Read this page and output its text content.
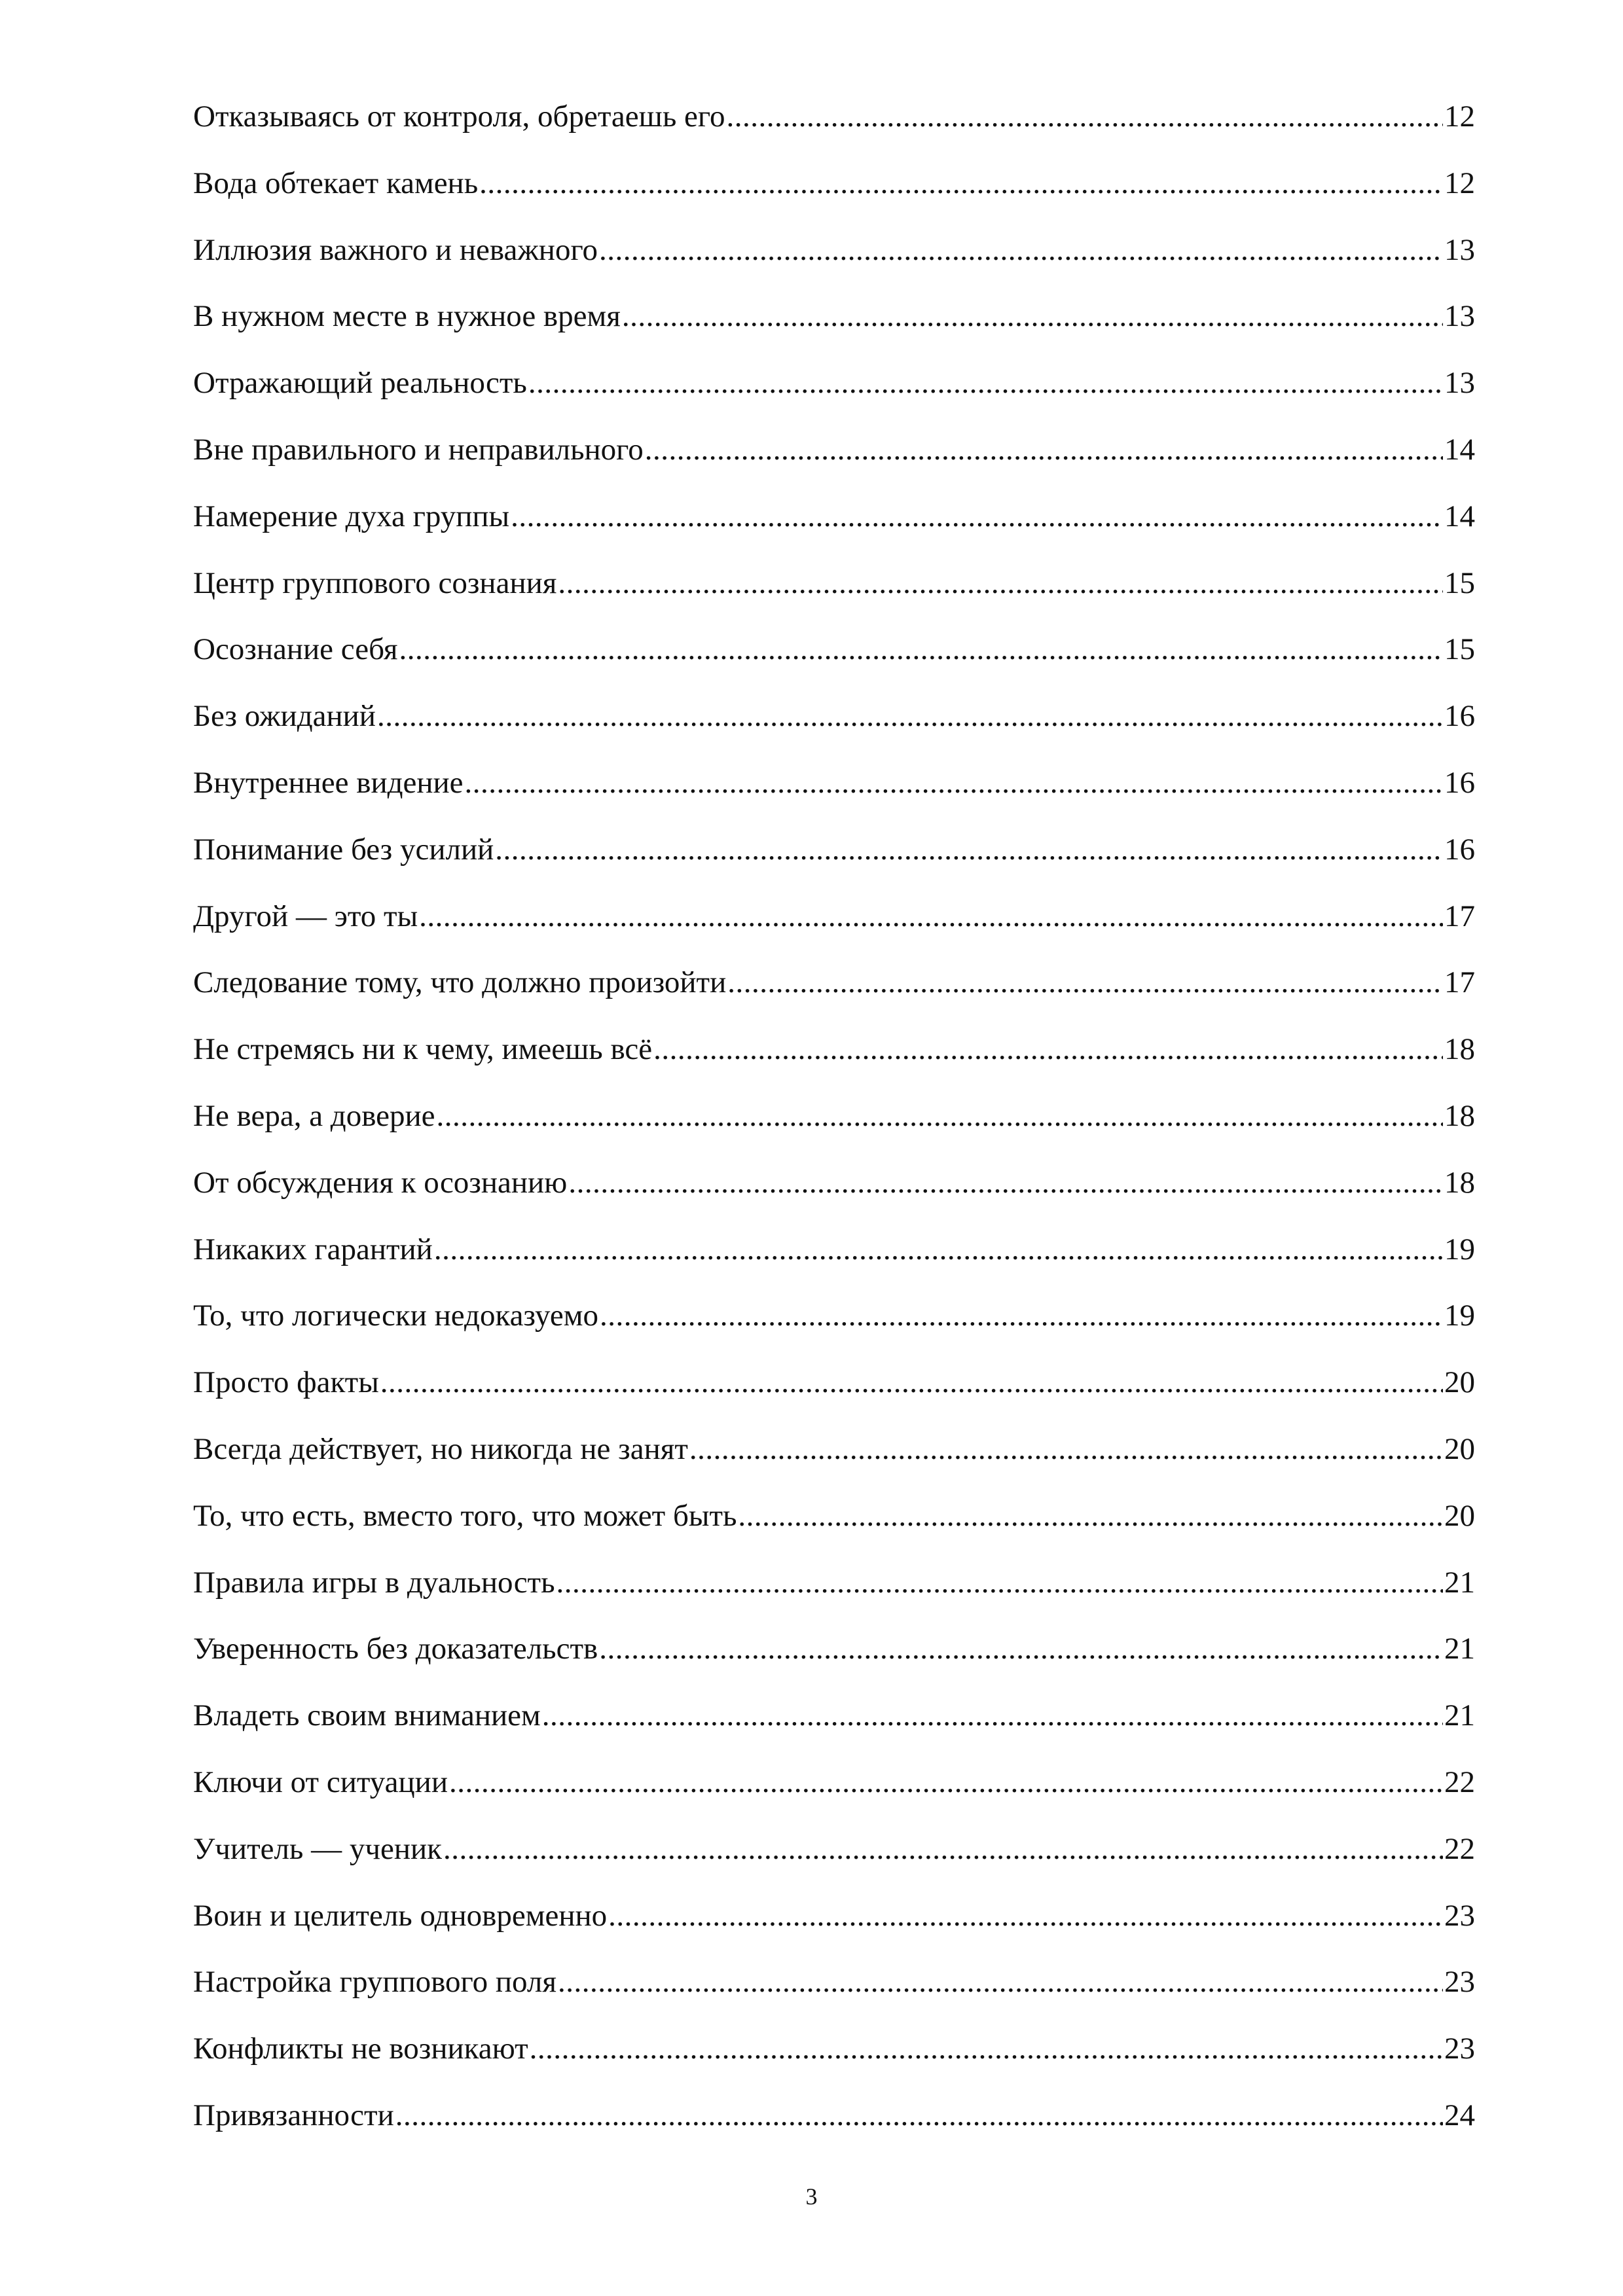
Отказываясь от контроля, обретаешь его .....	12
Вода обтекает камень .....	12
Иллюзия важного и неважного .....	13
В нужном месте в нужное время .....	13
Отражающий реальность .....	13
Вне правильного и неправильного .....	14
Намерение духа группы .....	14
Центр группового сознания .....	15
Осознание себя .....	15
Без ожиданий .....	16
Внутреннее видение .....	16
Понимание без усилий .....	16
Другой — это ты .....	17
Следование тому, что должно произойти .....	17
Не стремясь ни к чему, имеешь всё .....	18
Не вера, а доверие .....	18
От обсуждения к осознанию .....	18
Никаких гарантий .....	19
То, что логически недоказуемо .....	19
Просто факты .....	20
Всегда действует, но никогда не занят .....	20
То, что есть, вместо того, что может быть .....	20
Правила игры в дуальность .....	21
Уверенность без доказательств .....	21
Владеть своим вниманием .....	21
Ключи от ситуации .....	22
Учитель — ученик .....	22
Воин и целитель одновременно .....	23
Настройка группового поля .....	23
Конфликты не возникают .....	23
Привязанности .....	24
3
